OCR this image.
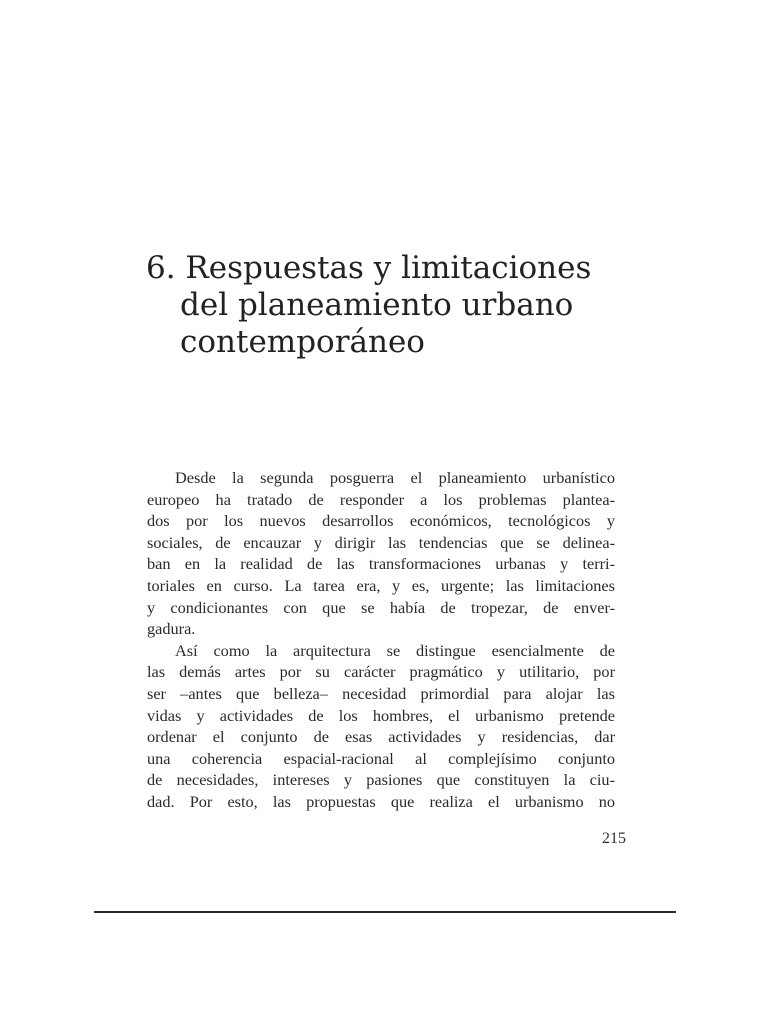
6. Respuestas y limitaciones
del planeamiento urbano
contemporáneo
Desde la segunda posguerra el planeamiento urbanístico
europeo ha tratado de responder a los problemas plantea-
dos por los nuevos desarrollos económicos, tecnológicos y
sociales, de encauzar y dirigir las tendencias que se delinea-
ban en la realidad de las transformaciones urbanas y terri-
toriales en curso. La tarea era, y es, urgente; las limitaciones
y condicionantes con que se había de tropezar, de enver-
gadura.
Así como la arquitectura se distingue esencialmente de
las demás artes por su carácter pragmático y utilitario, por
ser –antes que belleza– necesidad primordial para alojar las
vidas y actividades de los hombres, el urbanismo pretende
ordenar el conjunto de esas actividades y residencias, dar
una coherencia espacial-racional al complejísimo conjunto
de necesidades, intereses y pasiones que constituyen la ciu-
dad. Por esto, las propuestas que realiza el urbanismo no
215
